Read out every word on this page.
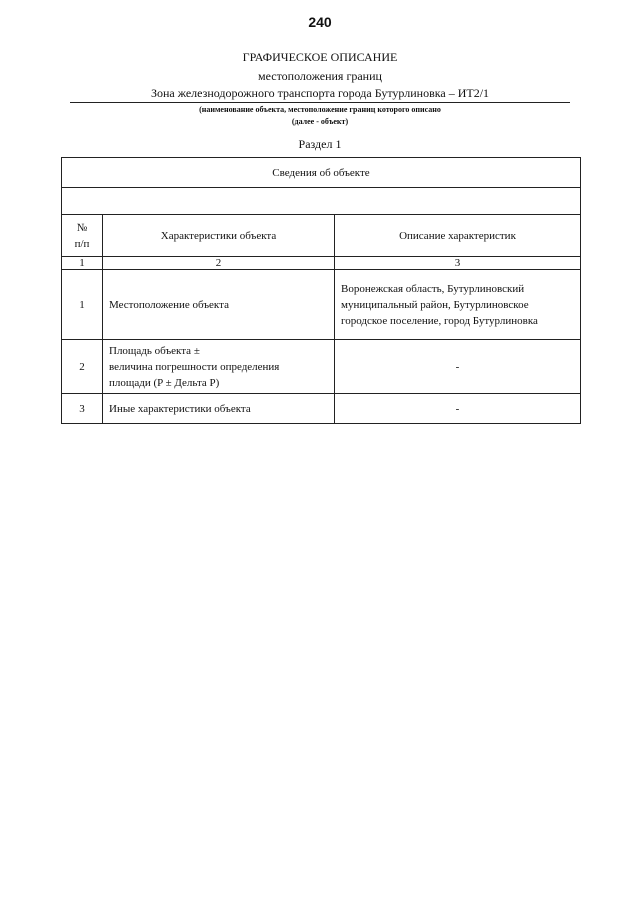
240
ГРАФИЧЕСКОЕ ОПИСАНИЕ
местоположения границ
Зона железнодорожного транспорта города Бутурлиновка – ИТ2/1
(наименование объекта, местоположение границ которого описано
(далее - объект)
Раздел 1
Сведения об объекте		

№
п/п	Характеристики объекта	Описание характеристик
1	2	3
1	Местоположение объекта	Воронежская область, Бутурлиновский
муниципальный район, Бутурлиновское
городское поселение, город Бутурлиновка

2	Площадь объекта ±
величина погрешности определения
площади (P ± Дельта P)	-

3	Иные характеристики объекта	-
